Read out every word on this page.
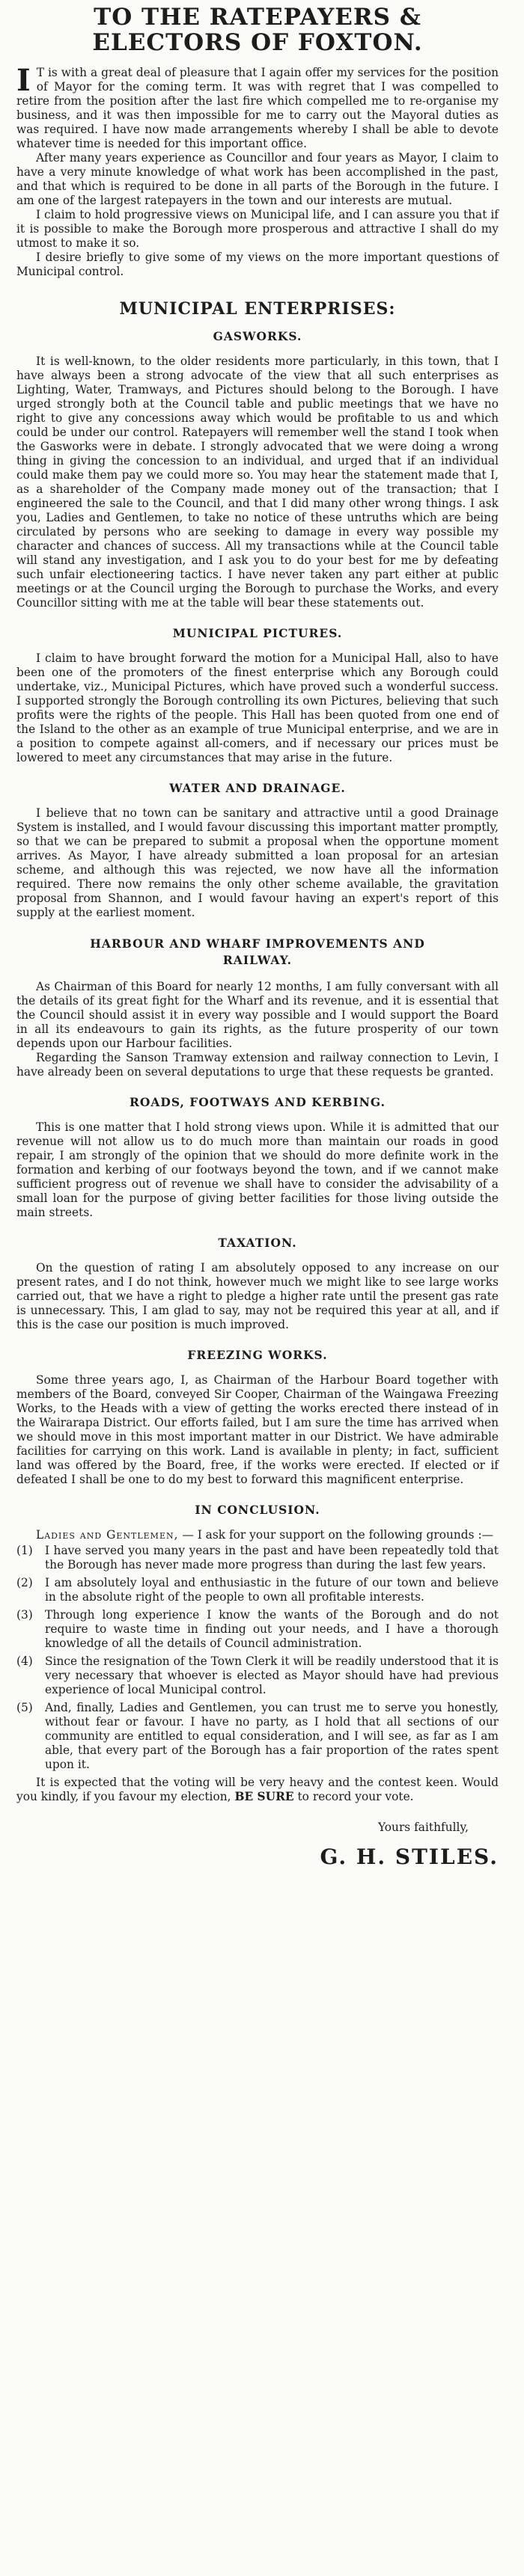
TO THE RATEPAYERS &
ELECTORS OF FOXTON.

I T is with a great deal of pleasure that I again offer my services for the position of Mayor for the coming term. It was with regret that I was compelled to retire from the position after the last fire which compelled me to re-organise my business, and it was then impossible for me to carry out the Mayoral duties as was required. I have now made arrangements whereby I shall be able to devote whatever time is needed for this important office.

After many years experience as Councillor and four years as Mayor, I claim to have a very minute knowledge of what work has been accomplished in the past, and that which is required to be done in all parts of the Borough in the future. I am one of the largest ratepayers in the town and our interests are mutual.

I claim to hold progressive views on Municipal life, and I can assure you that if it is possible to make the Borough more prosperous and attractive I shall do my utmost to make it so.

I desire briefly to give some of my views on the more important questions of Municipal control.

MUNICIPAL ENTERPRISES:
GASWORKS.

It is well-known, to the older residents more particularly, in this town, that I have always been a strong advocate of the view that all such enterprises as Lighting, Water, Tramways, and Pictures should belong to the Borough. I have urged strongly both at the Council table and public meetings that we have no right to give any concessions away which would be profitable to us and which could be under our control. Ratepayers will remember well the stand I took when the Gasworks were in debate. I strongly advocated that we were doing a wrong thing in giving the concession to an individual, and urged that if an individual could make them pay we could more so. You may hear the statement made that I, as a shareholder of the Company made money out of the transaction; that I engineered the sale to the Council, and that I did many other wrong things. I ask you, Ladies and Gentlemen, to take no notice of these untruths which are being circulated by persons who are seeking to damage in every way possible my character and chances of success. All my transactions while at the Council table will stand any investigation, and I ask you to do your best for me by defeating such unfair electioneering tactics. I have never taken any part either at public meetings or at the Council urging the Borough to purchase the Works, and every Councillor sitting with me at the table will bear these statements out.

MUNICIPAL PICTURES.

I claim to have brought forward the motion for a Municipal Hall, also to have been one of the promoters of the finest enterprise which any Borough could undertake, viz., Municipal Pictures, which have proved such a wonderful success. I supported strongly the Borough controlling its own Pictures, believing that such profits were the rights of the people. This Hall has been quoted from one end of the Island to the other as an example of true Municipal enterprise, and we are in a position to compete against all-comers, and if necessary our prices must be lowered to meet any circumstances that may arise in the future.

WATER AND DRAINAGE.

I believe that no town can be sanitary and attractive until a good Drainage System is installed, and I would favour discussing this important matter promptly, so that we can be prepared to submit a proposal when the opportune moment arrives. As Mayor, I have already submitted a loan proposal for an artesian scheme, and although this was rejected, we now have all the information required. There now remains the only other scheme available, the gravitation proposal from Shannon, and I would favour having an expert's report of this supply at the earliest moment.

HARBOUR AND WHARF IMPROVEMENTS AND
RAILWAY.

As Chairman of this Board for nearly 12 months, I am fully conversant with all the details of its great fight for the Wharf and its revenue, and it is essential that the Council should assist it in every way possible and I would support the Board in all its endeavours to gain its rights, as the future prosperity of our town depends upon our Harbour facilities.

Regarding the Sanson Tramway extension and railway connection to Levin, I have already been on several deputations to urge that these requests be granted.

ROADS, FOOTWAYS AND KERBING.

This is one matter that I hold strong views upon. While it is admitted that our revenue will not allow us to do much more than maintain our roads in good repair, I am strongly of the opinion that we should do more definite work in the formation and kerbing of our footways beyond the town, and if we cannot make sufficient progress out of revenue we shall have to consider the advisability of a small loan for the purpose of giving better facilities for those living outside the main streets.

TAXATION.

On the question of rating I am absolutely opposed to any increase on our present rates, and I do not think, however much we might like to see large works carried out, that we have a right to pledge a higher rate until the present gas rate is unnecessary. This, I am glad to say, may not be required this year at all, and if this is the case our position is much improved.

FREEZING WORKS.

Some three years ago, I, as Chairman of the Harbour Board together with members of the Board, conveyed Sir Cooper, Chairman of the Waingawa Freezing Works, to the Heads with a view of getting the works erected there instead of in the Wairarapa District. Our efforts failed, but I am sure the time has arrived when we should move in this most important matter in our District. We have admirable facilities for carrying on this work. Land is available in plenty; in fact, sufficient land was offered by the Board, free, if the works were erected. If elected or if defeated I shall be one to do my best to forward this magnificent enterprise.

IN CONCLUSION.

Ladies and Gentlemen, — I ask for your support on the following grounds :—

(1) I have served you many years in the past and have been repeatedly told that the Borough has never made more progress than during the last few years.
(2) I am absolutely loyal and enthusiastic in the future of our town and believe in the absolute right of the people to own all profitable interests.
(3) Through long experience I know the wants of the Borough and do not require to waste time in finding out your needs, and I have a thorough knowledge of all the details of Council administration.
(4) Since the resignation of the Town Clerk it will be readily understood that it is very necessary that whoever is elected as Mayor should have had previous experience of local Municipal control.
(5) And, finally, Ladies and Gentlemen, you can trust me to serve you honestly, without fear or favour. I have no party, as I hold that all sections of our community are entitled to equal consideration, and I will see, as far as I am able, that every part of the Borough has a fair proportion of the rates spent upon it.

It is expected that the voting will be very heavy and the contest keen. Would you kindly, if you favour my election, BE SURE to record your vote.

Yours faithfully,
G. H. STILES.
